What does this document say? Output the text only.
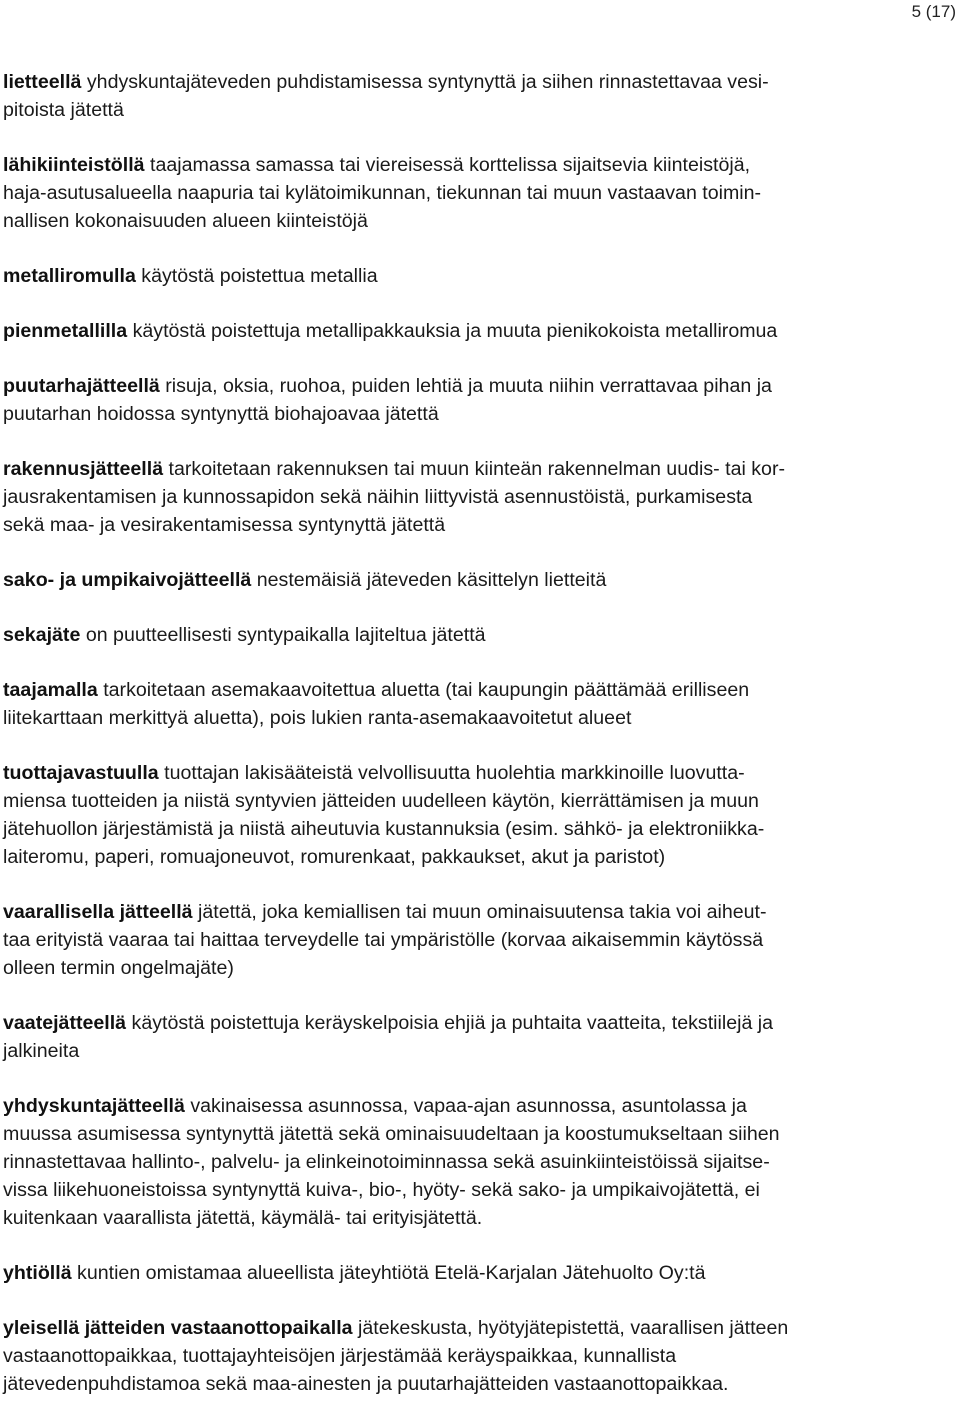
5 (17)

lietteellä yhdyskuntajäteveden puhdistamisessa syntynyttä ja siihen rinnastettavaa vesi-
pitoista jätettä

lähikiinteistöllä taajamassa samassa tai viereisessä korttelissa sijaitsevia kiinteistöjä,
haja-asutusalueella naapuria tai kylätoimikunnan, tiekunnan tai muun vastaavan toimin-
nallisen kokonaisuuden alueen kiinteistöjä

metalliromulla käytöstä poistettua metallia

pienmetallilla käytöstä poistettuja metallipakkauksia ja muuta pienikokoista metalliromua

puutarhajätteellä risuja, oksia, ruohoa, puiden lehtiä ja muuta niihin verrattavaa pihan ja
puutarhan hoidossa syntynyttä biohajoavaa jätettä

rakennusjätteellä tarkoitetaan rakennuksen tai muun kiinteän rakennelman uudis- tai kor-
jausrakentamisen ja kunnossapidon sekä näihin liittyvistä asennustöistä, purkamisesta
sekä maa- ja vesirakentamisessa syntynyttä jätettä

sako- ja umpikaivojätteellä nestemäisiä jäteveden käsittelyn lietteitä

sekajäte on puutteellisesti syntypaikalla lajiteltua jätettä

taajamalla tarkoitetaan asemakaavoitettua aluetta (tai kaupungin päättämää erilliseen
liitekarttaan merkittyä aluetta), pois lukien ranta-asemakaavoitetut alueet

tuottajavastuulla tuottajan lakisääteistä velvollisuutta huolehtia markkinoille luovutta-
miensa tuotteiden ja niistä syntyvien jätteiden uudelleen käytön, kierrättämisen ja muun
jätehuollon järjestämistä ja niistä aiheutuvia kustannuksia (esim. sähkö- ja elektroniikka-
laiteromu, paperi, romuajoneuvot, romurenkaat, pakkaukset, akut ja paristot)

vaarallisella jätteellä jätettä, joka kemiallisen tai muun ominaisuutensa takia voi aiheut-
taa erityistä vaaraa tai haittaa terveydelle tai ympäristölle (korvaa aikaisemmin käytössä
olleen termin ongelmajäte)

vaatejätteellä käytöstä poistettuja keräyskelpoisia ehjiä ja puhtaita vaatteita, tekstiilejä ja
jalkineita

yhdyskuntajätteellä vakinaisessa asunnossa, vapaa-ajan asunnossa, asuntolassa ja
muussa asumisessa syntynyttä jätettä sekä ominaisuudeltaan ja koostumukseltaan siihen
rinnastettavaa hallinto-, palvelu- ja elinkeinotoiminnassa sekä asuinkiinteistöissä sijaitse-
vissa liikehuoneistoissa syntynyttä kuiva-, bio-, hyöty- sekä sako- ja umpikaivojätettä, ei
kuitenkaan vaarallista jätettä, käymälä- tai erityisjätettä.

yhtiöllä kuntien omistamaa alueellista jäteyhtiötä Etelä-Karjalan Jätehuolto Oy:tä

yleisellä jätteiden vastaanottopaikalla jätekeskusta, hyötyjätepistettä, vaarallisen jätteen
vastaanottopaikkaa, tuottajayhteisöjen järjestämää keräyspaikkaa, kunnallista
jätevedenpuhdistamoa sekä maa-ainesten ja puutarhajätteiden vastaanottopaikkaa.
